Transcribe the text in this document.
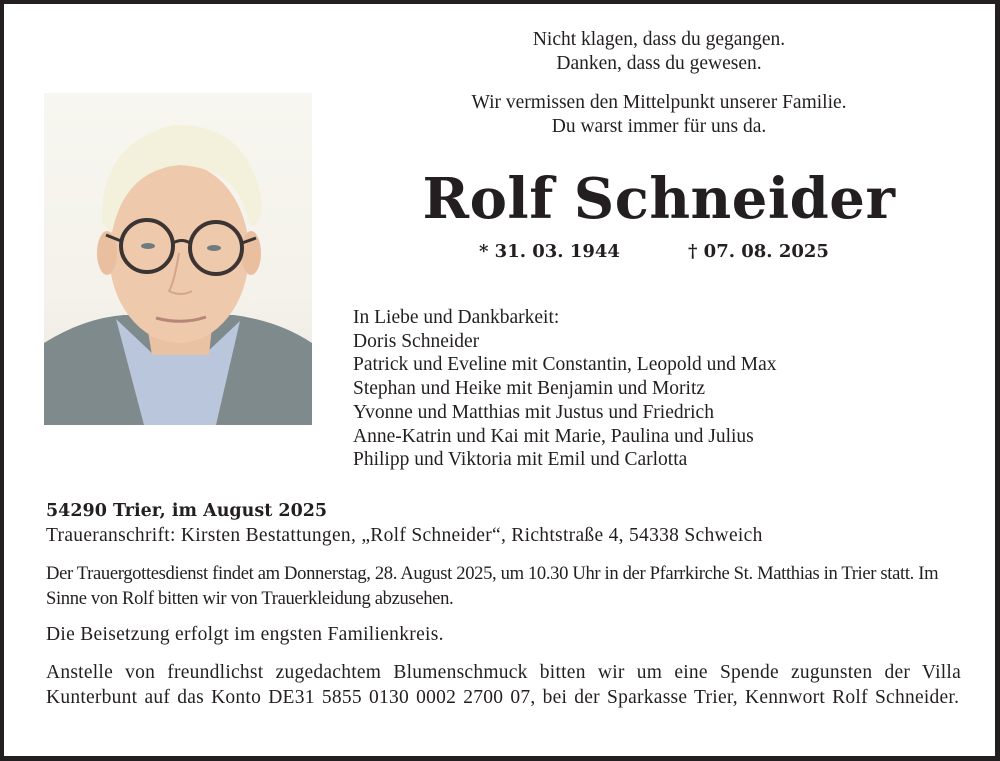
Nicht klagen, dass du gegangen.
Danken, dass du gewesen.
Wir vermissen den Mittelpunkt unserer Familie.
Du warst immer für uns da.
Rolf Schneider
* 31. 03. 1944	† 07. 08. 2025
In Liebe und Dankbarkeit:
Doris Schneider
Patrick und Eveline mit Constantin, Leopold und Max
Stephan und Heike mit Benjamin und Moritz
Yvonne und Matthias mit Justus und Friedrich
Anne-Katrin und Kai mit Marie, Paulina und Julius
Philipp und Viktoria mit Emil und Carlotta
54290 Trier, im August 2025
Traueranschrift: Kirsten Bestattungen, „Rolf Schneider“, Richtstraße 4, 54338 Schweich
Der Trauergottesdienst findet am Donnerstag, 28. August 2025, um 10.30 Uhr in der Pfarrkirche St. Matthias in Trier statt. Im Sinne von Rolf bitten wir von Trauerkleidung abzusehen.
Die Beisetzung erfolgt im engsten Familienkreis.
Anstelle von freundlichst zugedachtem Blumenschmuck bitten wir um eine Spende zugunsten der Villa Kunterbunt auf das Konto DE31 5855 0130 0002 2700 07, bei der Sparkasse Trier, Kennwort Rolf Schneider.
